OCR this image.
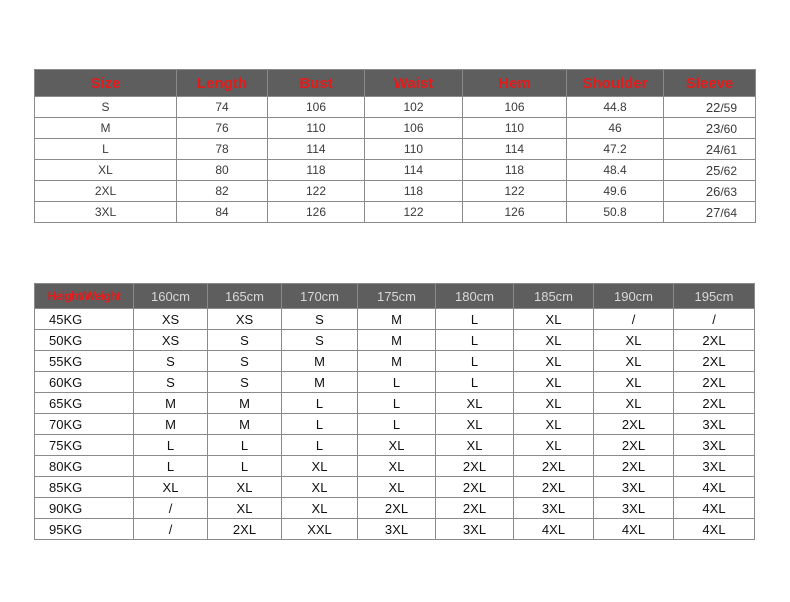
Size	Length	Bust	Waist	Hem	Shoulder	Sleeve
S	74	106	102	106	44.8	22/59
M	76	110	106	110	46	23/60
L	78	114	110	114	47.2	24/61
XL	80	118	114	118	48.4	25/62
2XL	82	122	118	122	49.6	26/63
3XL	84	126	122	126	50.8	27/64
Height/Weight	160cm	165cm	170cm	175cm	180cm	185cm	190cm	195cm
45KG	XS	XS	S	M	L	XL	/	/
50KG	XS	S	S	M	L	XL	XL	2XL
55KG	S	S	M	M	L	XL	XL	2XL
60KG	S	S	M	L	L	XL	XL	2XL
65KG	M	M	L	L	XL	XL	XL	2XL
70KG	M	M	L	L	XL	XL	2XL	3XL
75KG	L	L	L	XL	XL	XL	2XL	3XL
80KG	L	L	XL	XL	2XL	2XL	2XL	3XL
85KG	XL	XL	XL	XL	2XL	2XL	3XL	4XL
90KG	/	XL	XL	2XL	2XL	3XL	3XL	4XL
95KG	/	2XL	XXL	3XL	3XL	4XL	4XL	4XL
